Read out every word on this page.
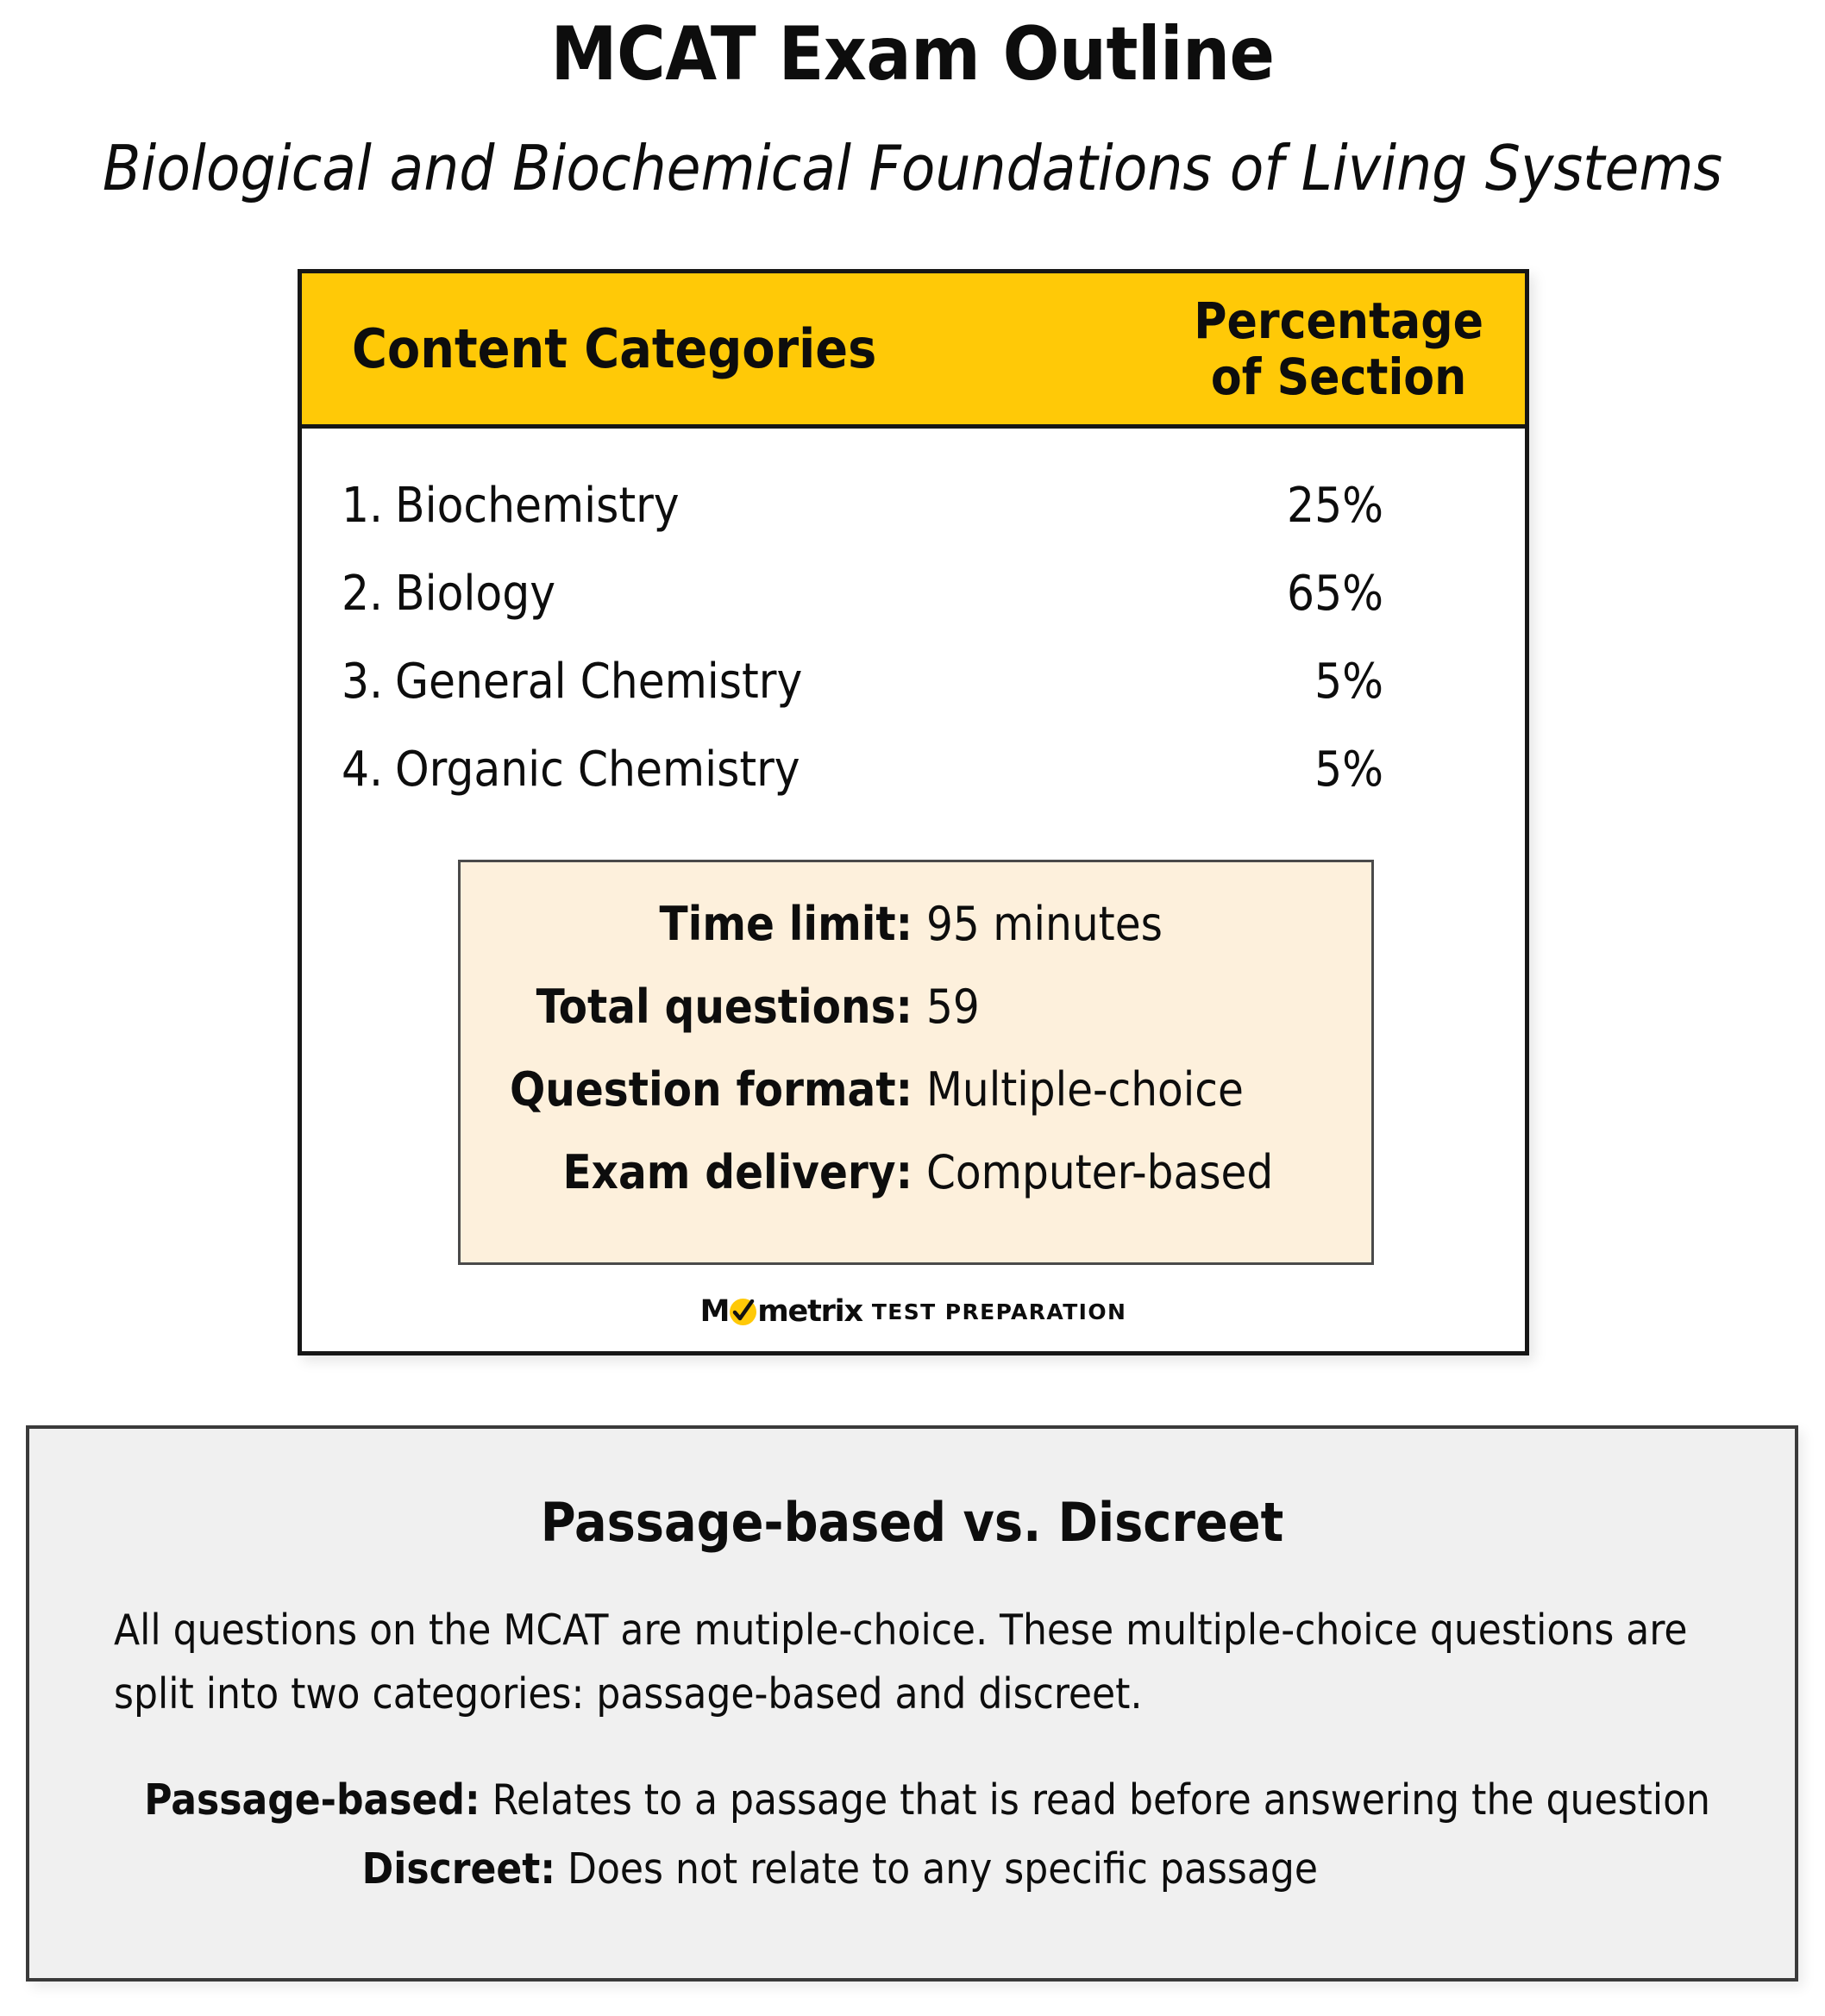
MCAT Exam Outline
Biological and Biochemical Foundations of Living Systems
Content Categories	Percentage
of Section
1. Biochemistry	25%
2. Biology	65%
3. General Chemistry	5%
4. Organic Chemistry	5%
Time limit: 95 minutes
Total questions: 59
Question format: Multiple-choice
Exam delivery: Computer-based
M metrix TEST PREPARATION
Passage-based vs. Discreet
All questions on the MCAT are mutiple-choice. These multiple-choice questions are split into two categories: passage-based and discreet.
Passage-based: Relates to a passage that is read before answering the question
Discreet: Does not relate to any specific passage
